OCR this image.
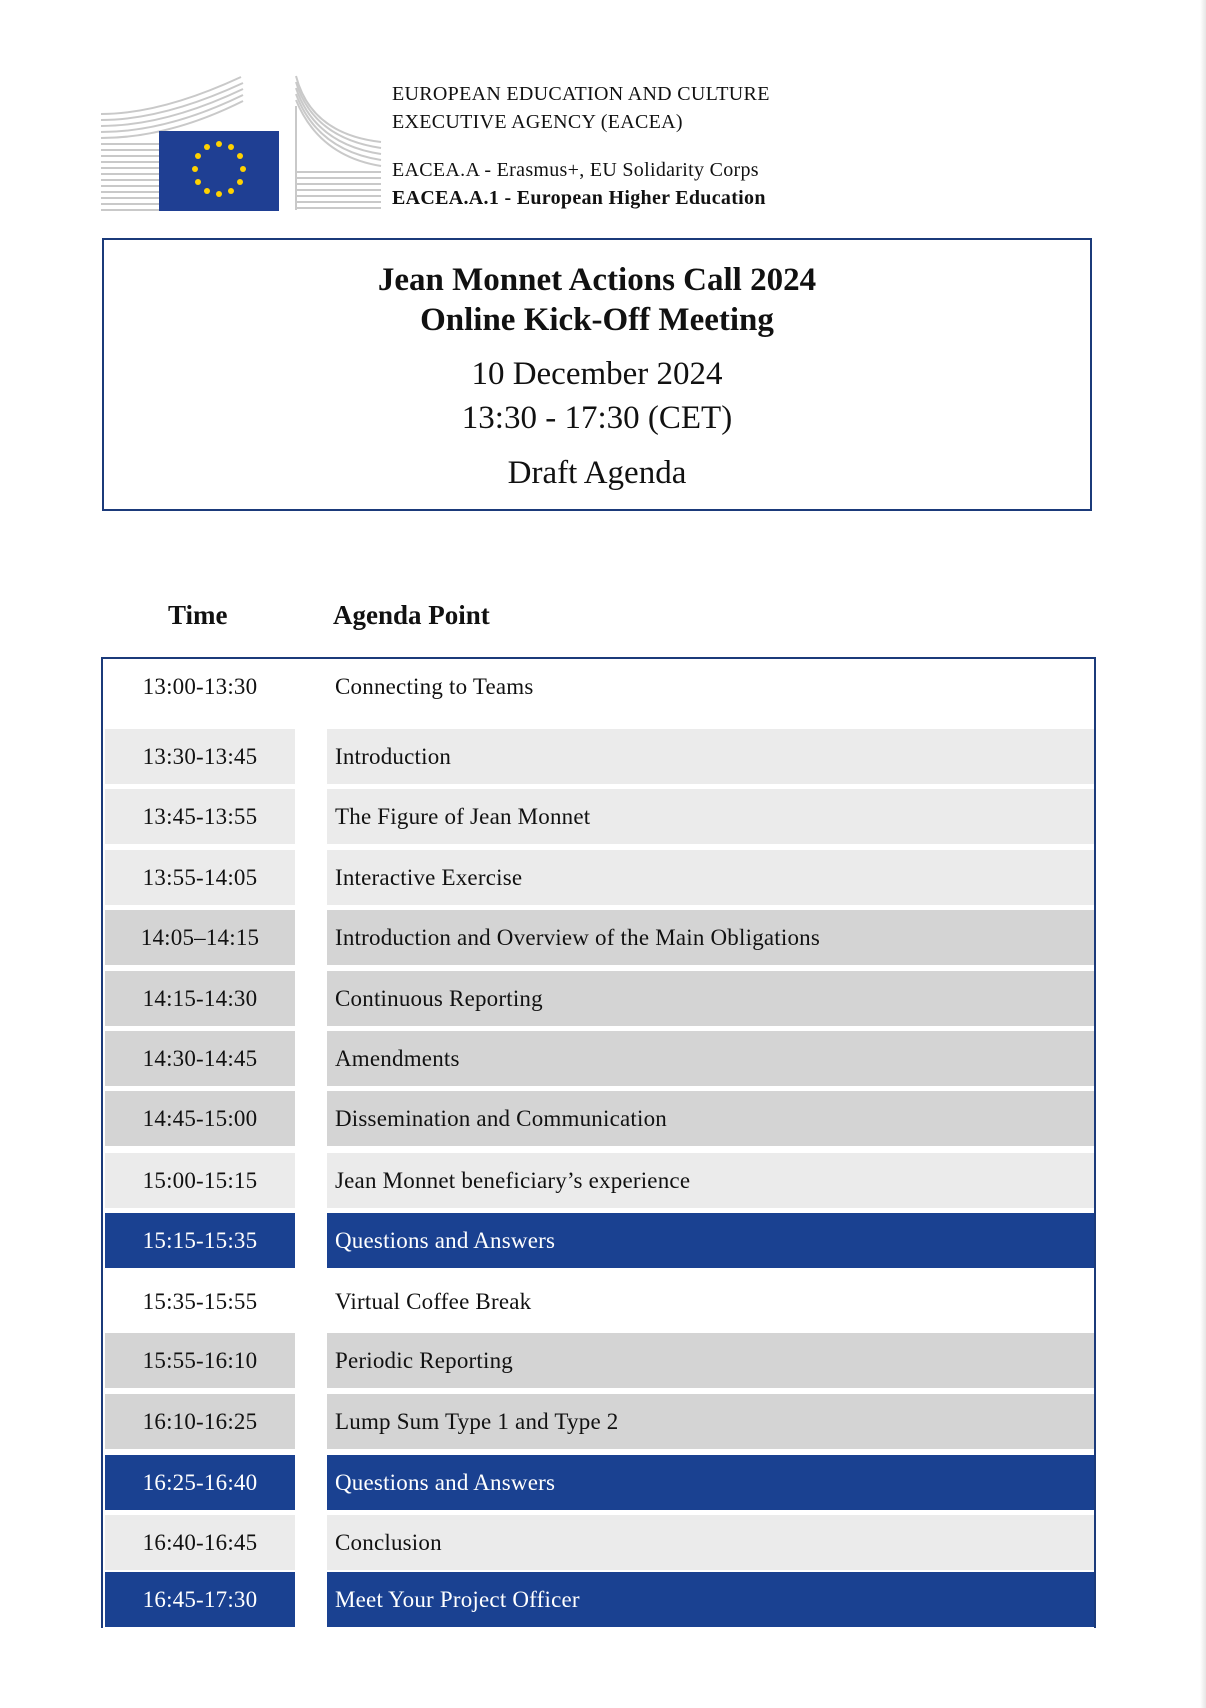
EUROPEAN EDUCATION AND CULTURE
EXECUTIVE AGENCY (EACEA)
EACEA.A - Erasmus+, EU Solidarity Corps
EACEA.A.1 - European Higher Education
Jean Monnet Actions Call 2024
Online Kick-Off Meeting
10 December 2024
13:30 - 17:30 (CET)
Draft Agenda
Time	Agenda Point
13:00-13:30	Connecting to Teams
13:30-13:45	Introduction
13:45-13:55	The Figure of Jean Monnet
13:55-14:05	Interactive Exercise
14:05–14:15	Introduction and Overview of the Main Obligations
14:15-14:30	Continuous Reporting
14:30-14:45	Amendments
14:45-15:00	Dissemination and Communication
15:00-15:15	Jean Monnet beneficiary’s experience
15:15-15:35	Questions and Answers
15:35-15:55	Virtual Coffee Break
15:55-16:10	Periodic Reporting
16:10-16:25	Lump Sum Type 1 and Type 2
16:25-16:40	Questions and Answers
16:40-16:45	Conclusion
16:45-17:30	Meet Your Project Officer
